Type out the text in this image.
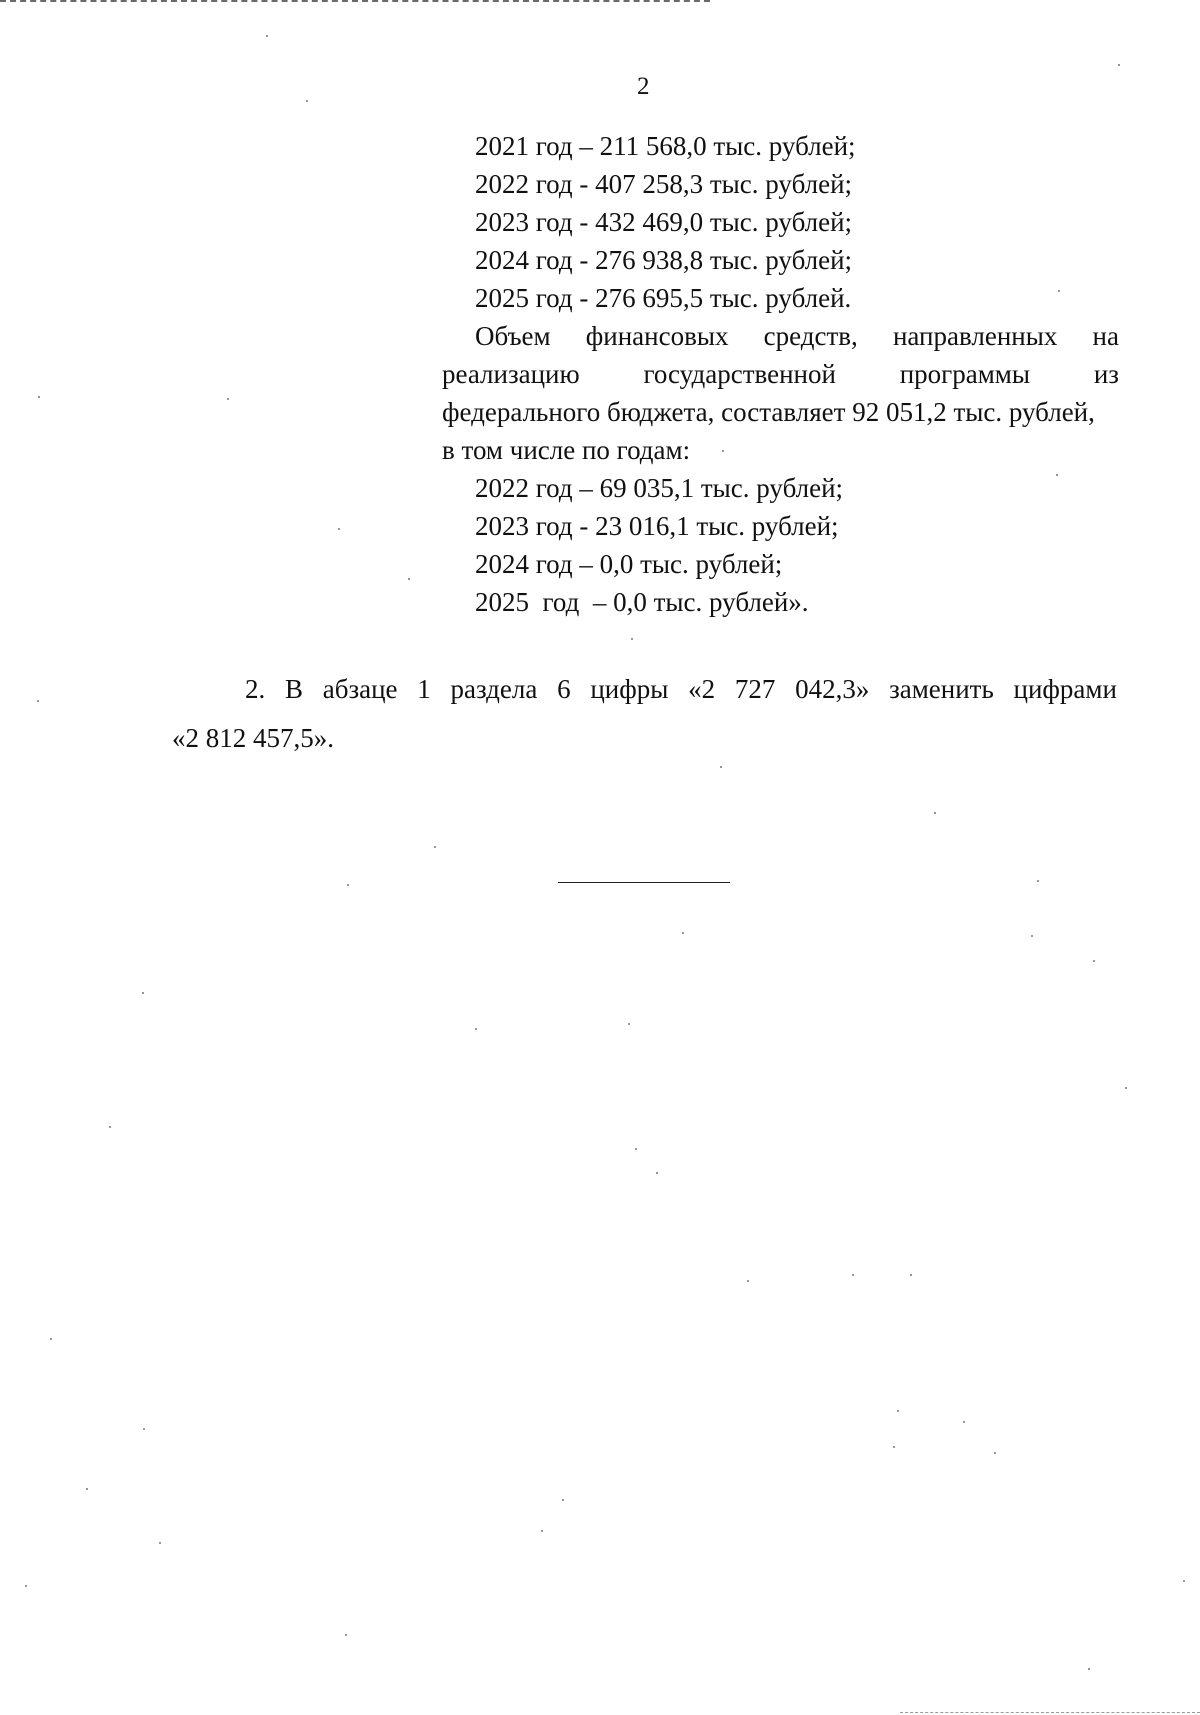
2
2021 год – 211 568,0 тыс. рублей;
2022 год - 407 258,3 тыс. рублей;
2023 год - 432 469,0 тыс. рублей;
2024 год - 276 938,8 тыс. рублей;
2025 год - 276 695,5 тыс. рублей.
Объем финансовых средств, направленных на
реализацию государственной программы из
федерального бюджета, составляет 92 051,2 тыс. рублей,
в том числе по годам:
2022 год – 69 035,1 тыс. рублей;
2023 год - 23 016,1 тыс. рублей;
2024 год – 0,0 тыс. рублей;
2025  год  – 0,0 тыс. рублей».
2. В абзаце 1 раздела 6 цифры «2 727 042,3» заменить цифрами
«2 812 457,5».
